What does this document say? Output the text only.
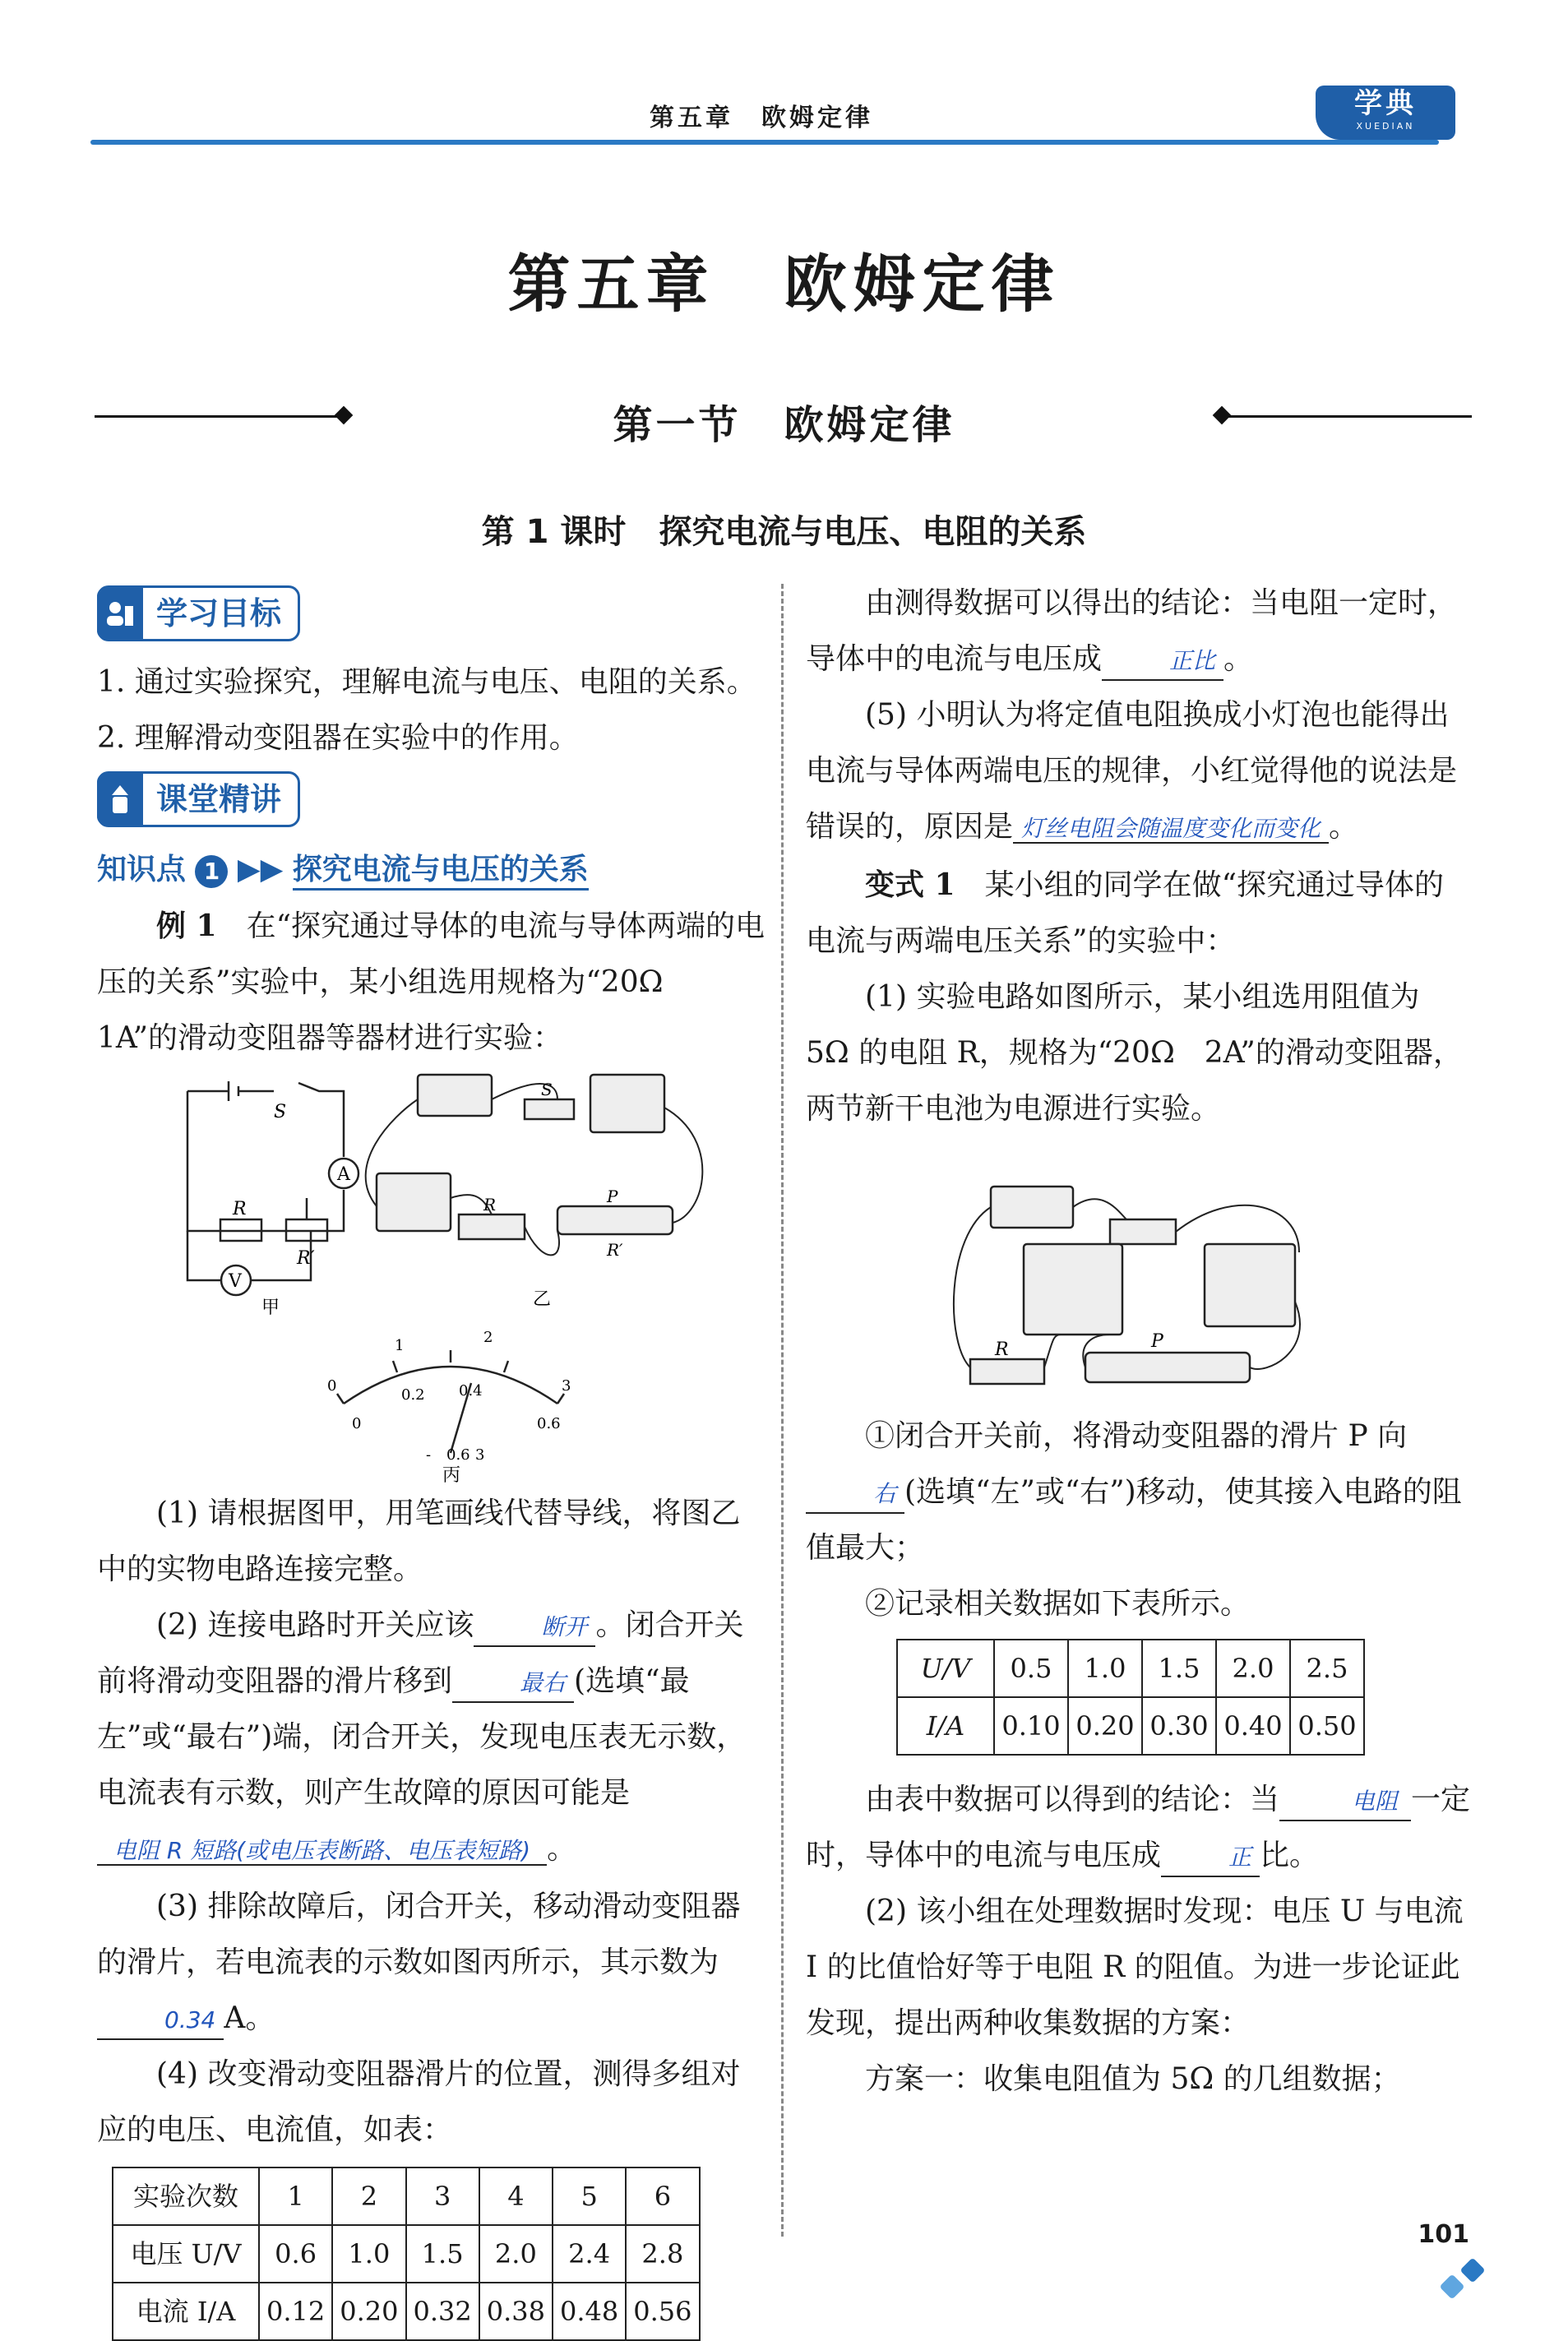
第五章　欧姆定律	学典
XUEDIAN
第五章　欧姆定律
第一节　欧姆定律
第 1 课时　探究电流与电压、电阻的关系
学习目标

1. 通过实验探究，理解电流与电压、电阻的关系。

2. 理解滑动变阻器在实验中的作用。

课堂精讲

知识点 1 ▶▶ 探究电流与电压的关系

例 1　 在“探究通过导体的电流与导体两端的电压的关系”实验中，某小组选用规格为“20Ω　1A”的滑动变阻器等器材进行实验：

S
A
V
R
R′
甲
S
R	P
R′
乙
0
1	2
3
0
0.2 0.4
0.6
- 0.6 3
丙

(1) 请根据图甲，用笔画线代替导线，将图乙中的实物电路连接完整。

(2) 连接电路时开关应该	断开 。闭合开关前将滑动变阻器的滑片移到	最右 (选填“最左”或“最右”)端，闭合开关，发现电压表无示数，电流表有示数，则产生故障的原因可能是
电阻 R 短路(或电压表断路、电压表短路) 。

(3) 排除故障后，闭合开关，移动滑动变阻器的滑片，若电流表的示数如图丙所示，其示数为0.34 A。

(4) 改变滑动变阻器滑片的位置，测得多组对应的电压、电流值，如表：

实验次数	1	2	3	4	5	6
电压 U/V	0.6	1.0	1.5	2.0	2.4	2.8
电流 I/A	0.12	0.20	0.32	0.38	0.48	0.56

由测得数据可以得出的结论：当电阻一定时，导体中的电流与电压成	正比 。

(5) 小明认为将定值电阻换成小灯泡也能得出电流与导体两端电压的规律，小红觉得他的说法是错误的，原因是 灯丝电阻会随温度变化而变化 。

变式 1　 某小组的同学在做“探究通过导体的电流与两端电压关系”的实验中：

(1) 实验电路如图所示，某小组选用阻值为 5Ω 的电阻 R，规格为“20Ω　2A”的滑动变阻器，两节新干电池为电源进行实验。

R	P

①闭合开关前，将滑动变阻器的滑片 P 向
右 (选填“左”或“右”)移动，使其接入电路的阻值最大；

②记录相关数据如下表所示。

U/V	0.5	1.0	1.5	2.0	2.5
I/A	0.10	0.20	0.30	0.40	0.50

由表中数据可以得到的结论：当	电阻 一定时，导体中的电流与电压成	正 比。

(2) 该小组在处理数据时发现：电压 U 与电流 I 的比值恰好等于电阻 R 的阻值。为进一步论证此发现，提出两种收集数据的方案：

方案一：收集电阻值为 5Ω 的几组数据；

101
